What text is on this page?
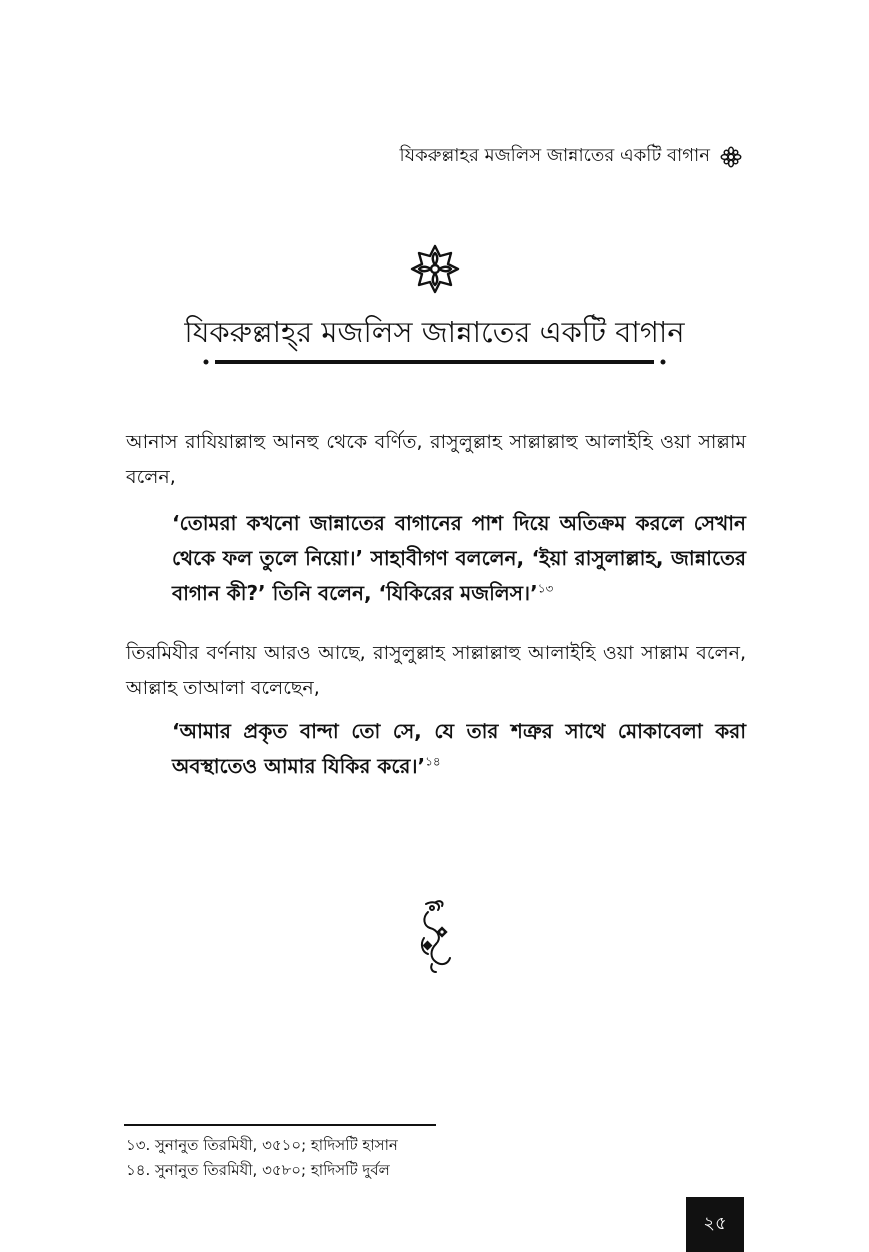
যিকরুল্লাহর মজলিস জান্নাতের একটি বাগান
যিকরুল্লাহ্‌র মজলিস জান্নাতের একটি বাগান

আনাস রাযিয়াল্লাহু আনহু থেকে বর্ণিত, রাসুলুল্লাহ সাল্লাল্লাহু আলাইহি ওয়া সাল্লাম বলেন,

‘তোমরা কখনো জান্নাতের বাগানের পাশ দিয়ে অতিক্রম করলে সেখান থেকে ফল তুলে নিয়ো।’ সাহাবীগণ বললেন, ‘ইয়া রাসুলাল্লাহ, জান্নাতের বাগান কী?’ তিনি বলেন, ‘যিকিরের মজলিস।’$^{১৩}$

তিরমিযীর বর্ণনায় আরও আছে, রাসুলুল্লাহ সাল্লাল্লাহু আলাইহি ওয়া সাল্লাম বলেন, আল্লাহ তাআলা বলেছেন,

‘আমার প্রকৃত বান্দা তো সে, যে তার শত্রুর সাথে মোকাবেলা করা অবস্থাতেও আমার যিকির করে।’$^{১৪}$

১৩. সুনানুত তিরমিযী, ৩৫১০; হাদিসটি হাসান
১৪. সুনানুত তিরমিযী, ৩৫৮০; হাদিসটি দুর্বল
২৫
